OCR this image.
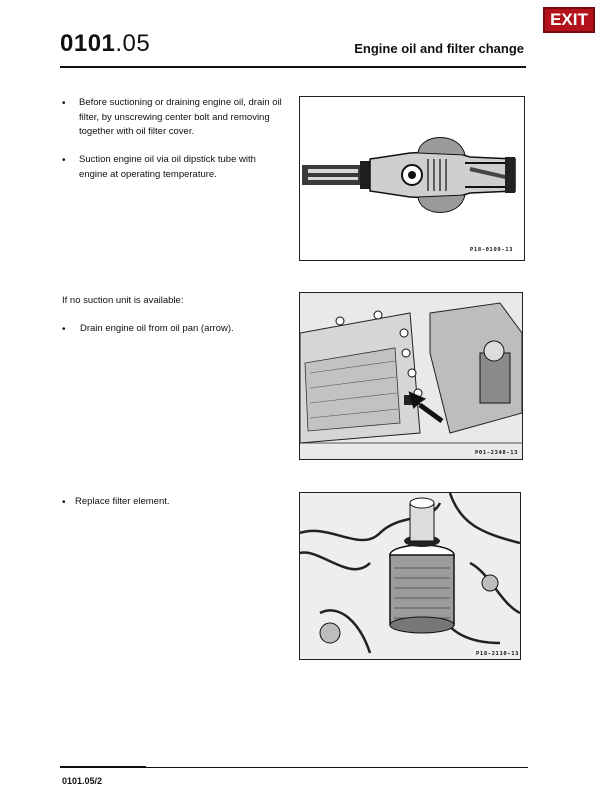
EXIT
0101.05	Engine oil and filter change
• Before suctioning or draining engine oil, drain oil filter, by unscrewing center bolt and removing together with oil filter cover.
• Suction engine oil via oil dipstick tube with engine at operating temperature.
P18-0109-13
If no suction unit is available:
• Drain engine oil from oil pan (arrow).
P01-2348-13
• Replace filter element.
P18-2110-13
0101.05/2
